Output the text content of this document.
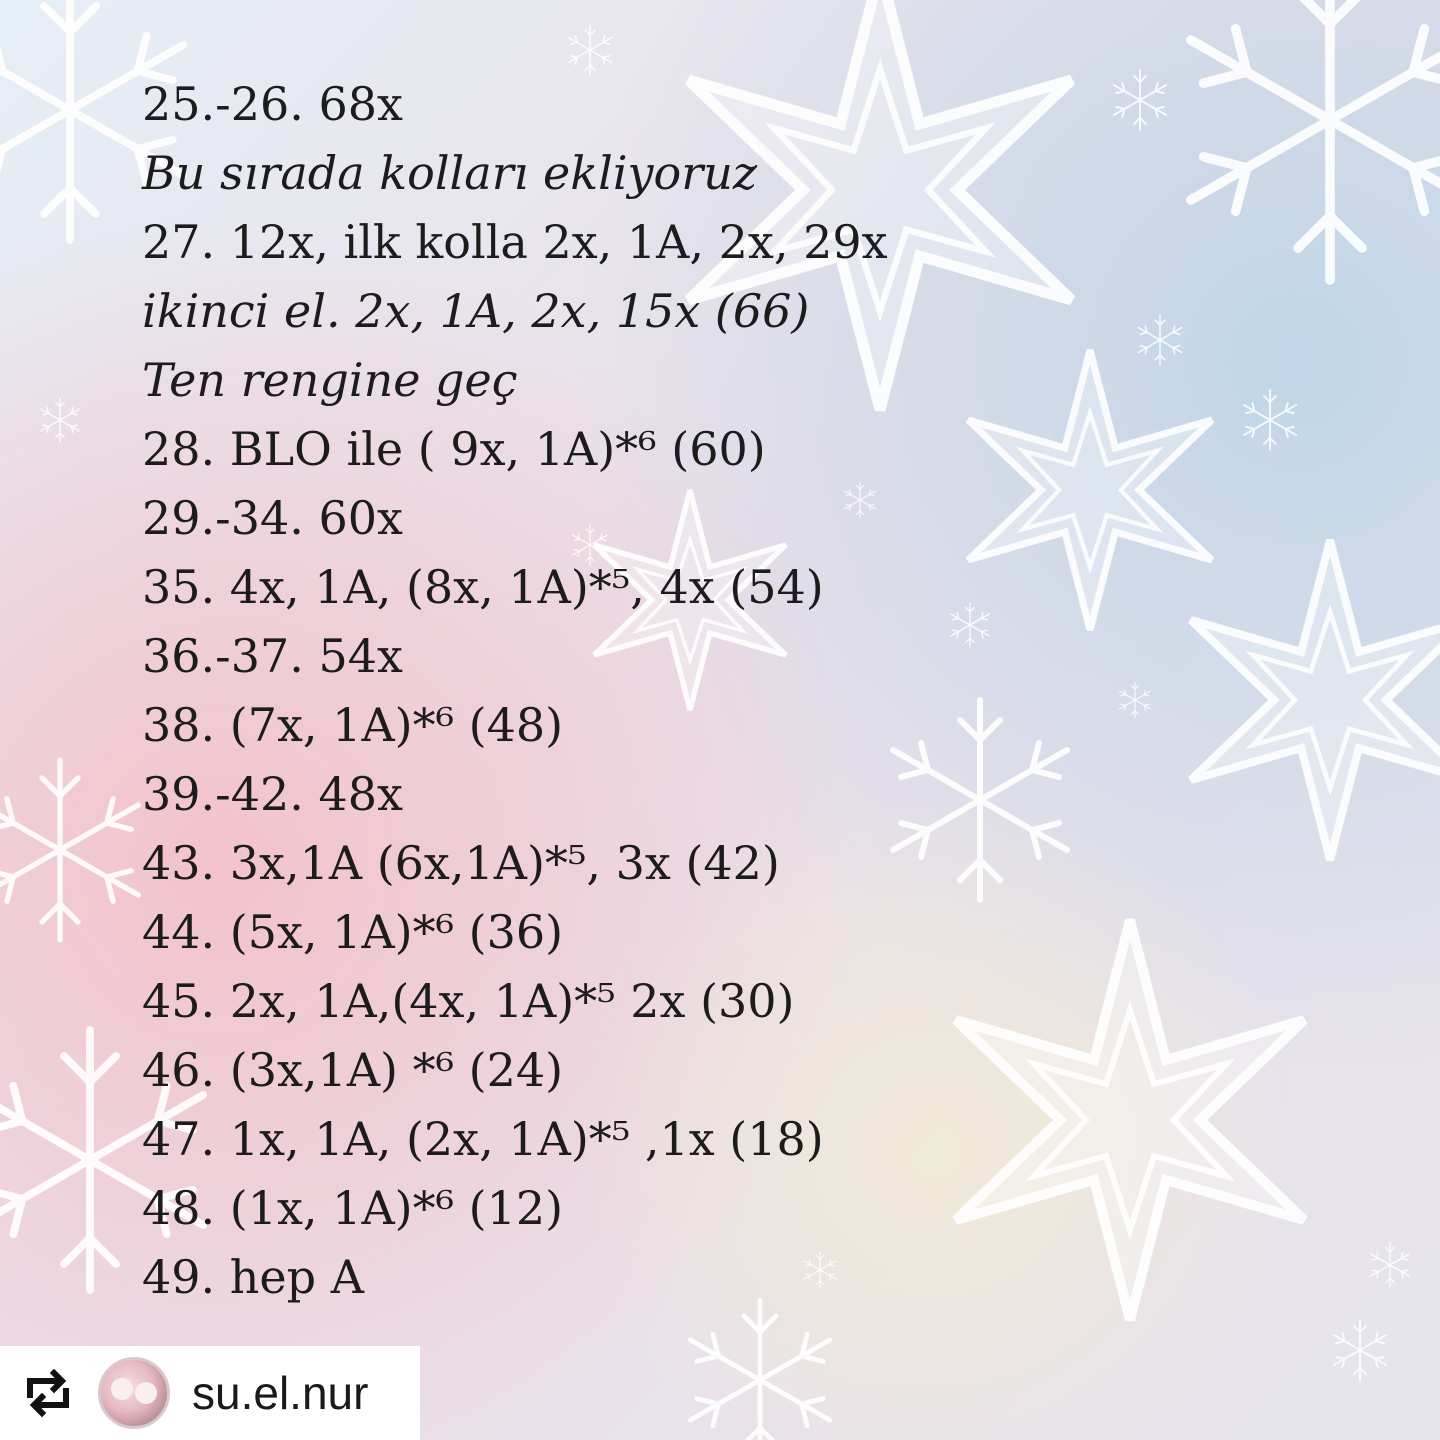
25.-26. 68x
Bu sırada kolları ekliyoruz
27. 12x, ilk kolla 2x, 1A, 2x, 29x
ikinci el. 2x, 1A, 2x, 15x (66)
Ten rengine geç
28. BLO ile ( 9x, 1A)*⁶ (60)
29.-34. 60x
35. 4x, 1A, (8x, 1A)*⁵, 4x (54)
36.-37. 54x
38. (7x, 1A)*⁶ (48)
39.-42. 48x
43. 3x,1A (6x,1A)*⁵, 3x (42)
44. (5x, 1A)*⁶ (36)
45. 2x, 1A,(4x, 1A)*⁵ 2x (30)
46. (3x,1A) *⁶ (24)
47. 1x, 1A, (2x, 1A)*⁵ ,1x (18)
48. (1x, 1A)*⁶ (12)
49. hep A
su.el.nur
